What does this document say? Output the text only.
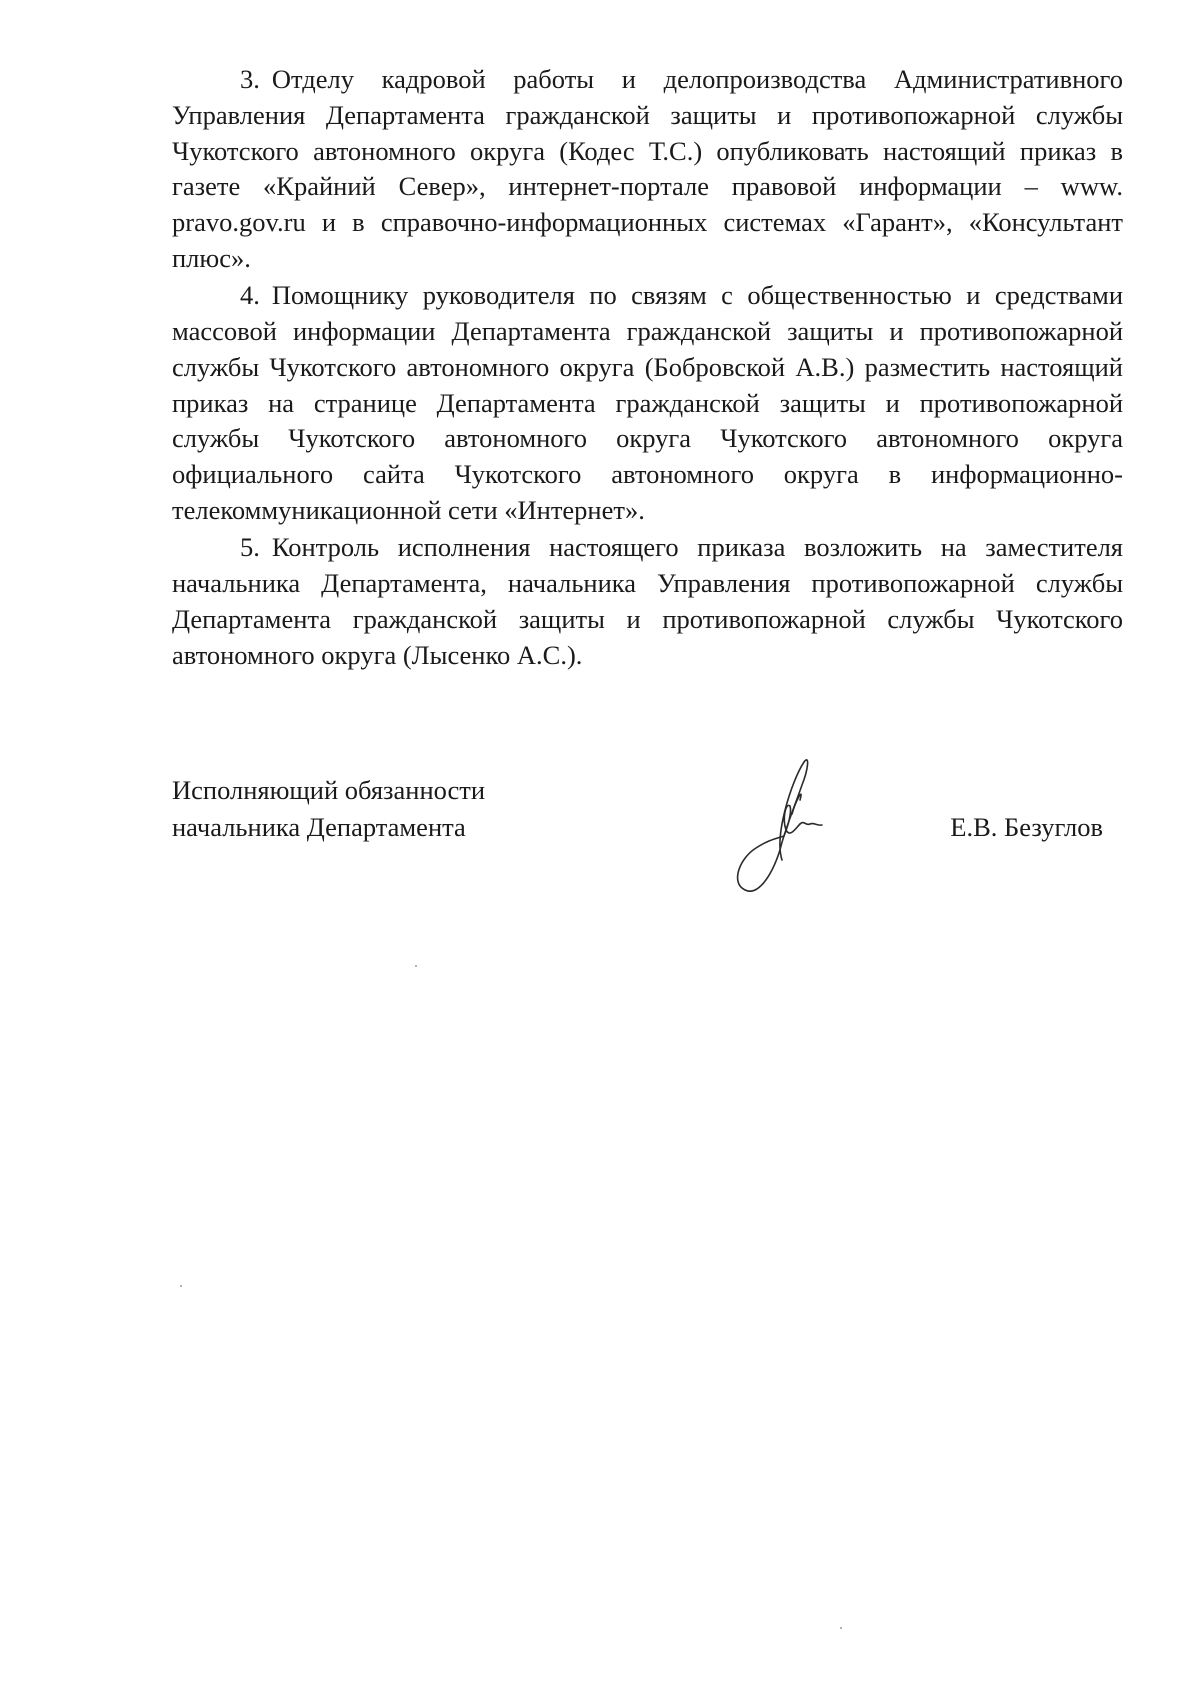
3. Отделу кадровой работы и делопроизводства Административного Управления Департамента гражданской защиты и противопожарной службы Чукотского автономного округа (Кодес Т.С.) опубликовать настоящий приказ в газете «Крайний Север», интернет-портале правовой информации – www. pravo.gov.ru и в справочно-информационных системах «Гарант», «Консультант плюс».

4. Помощнику руководителя по связям с общественностью и средствами массовой информации Департамента гражданской защиты и противопожарной службы Чукотского автономного округа (Бобровской А.В.) разместить настоящий приказ на странице Департамента гражданской защиты и противопожарной службы Чукотского автономного округа Чукотского автономного округа официального сайта Чукотского автономного округа в информационно-телекоммуникационной сети «Интернет».

5. Контроль исполнения настоящего приказа возложить на заместителя начальника Департамента, начальника Управления противопожарной службы Департамента гражданской защиты и противопожарной службы Чукотского автономного округа (Лысенко А.С.).

Исполняющий обязанности
начальника Департамента	Е.В. Безуглов
